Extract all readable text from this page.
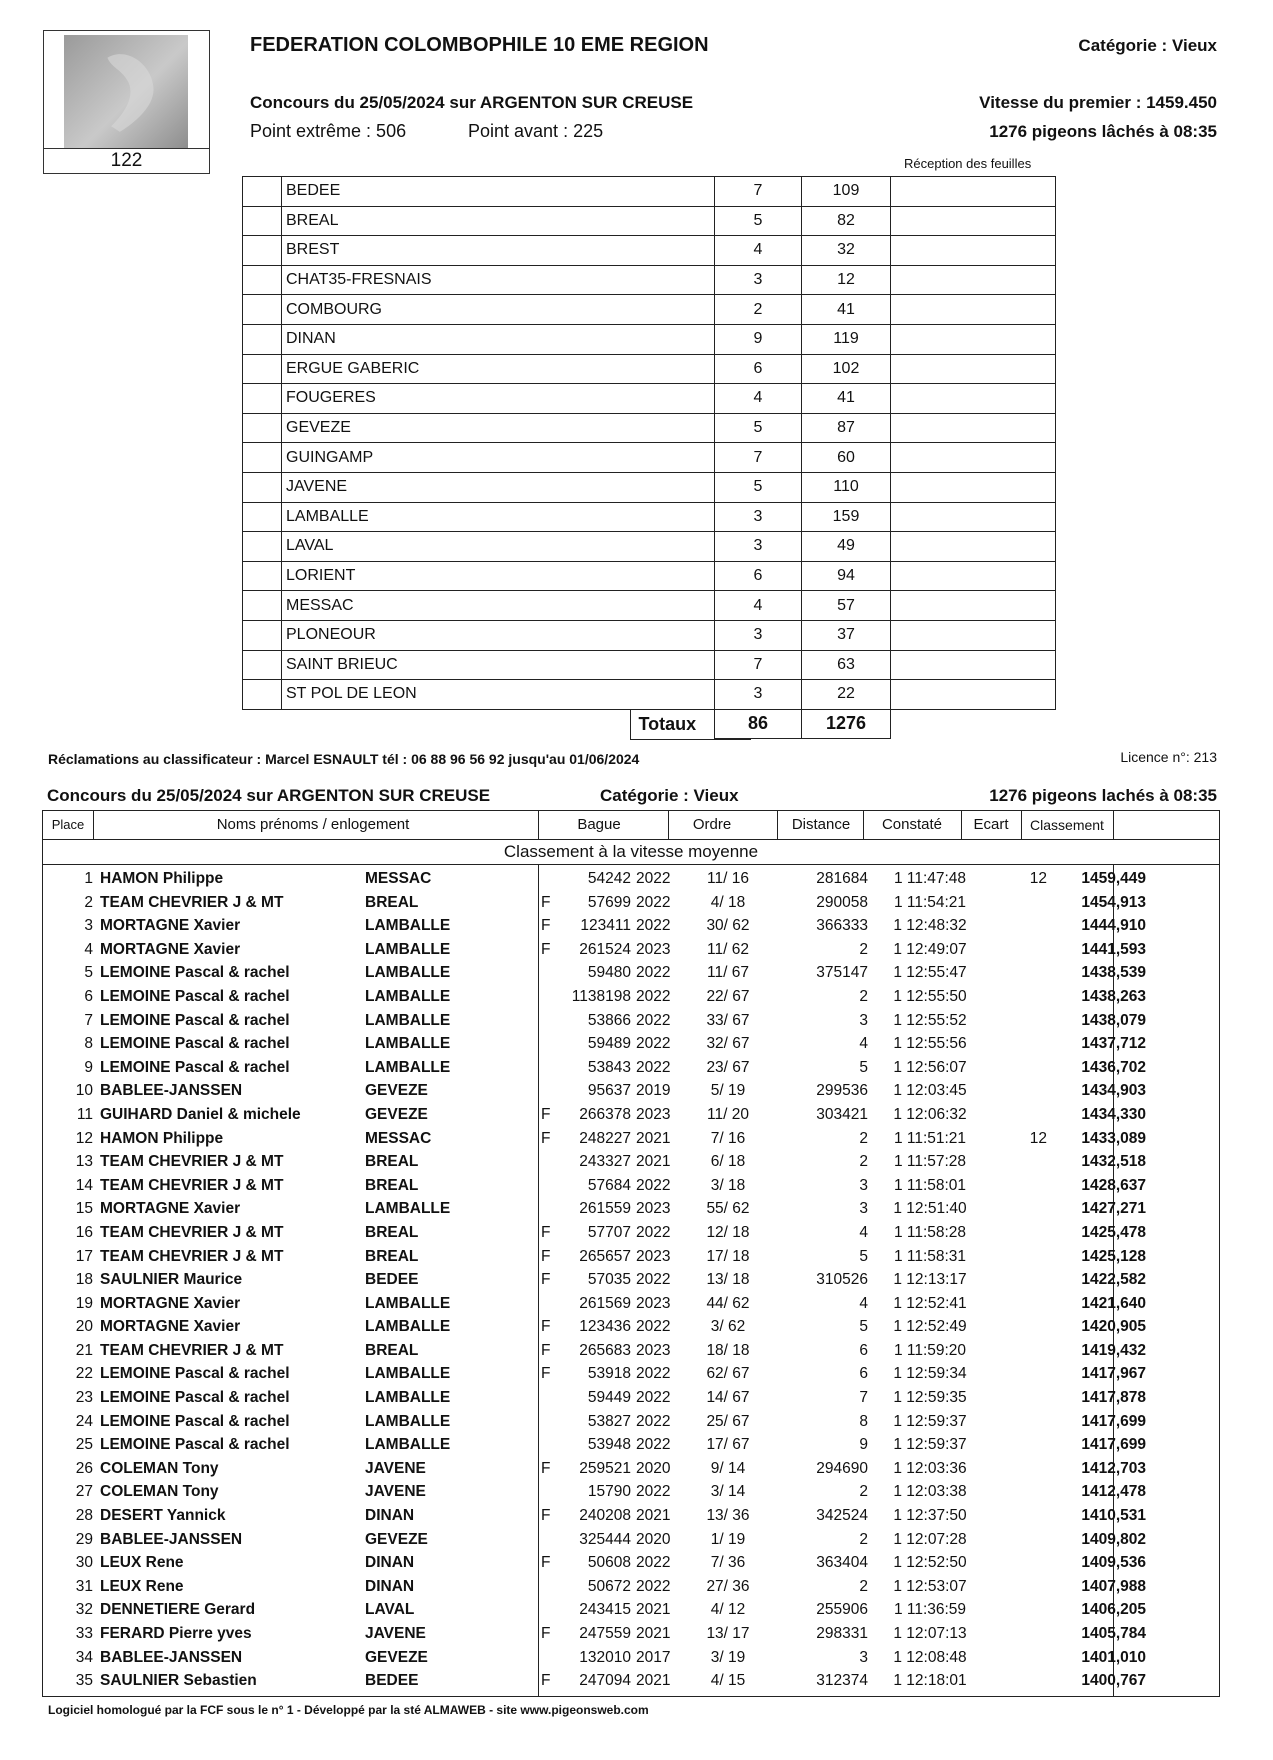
122
FEDERATION COLOMBOPHILE 10 EME REGION	Catégorie : Vieux
Concours du 25/05/2024 sur ARGENTON SUR CREUSE	Vitesse du premier : 1459.450
Point extrême : 506	Point avant : 225	1276 pigeons lâchés à 08:35
Réception des feuilles
	BEDEE	7	109	
	BREAL	5	82	
	BREST	4	32	
	CHAT35-FRESNAIS	3	12	
	COMBOURG	2	41	
	DINAN	9	119	
	ERGUE GABERIC	6	102	
	FOUGERES	4	41	
	GEVEZE	5	87	
	GUINGAMP	7	60	
	JAVENE	5	110	
	LAMBALLE	3	159	
	LAVAL	3	49	
	LORIENT	6	94	
	MESSAC	4	57	
	PLONEOUR	3	37	
	SAINT BRIEUC	7	63	
	ST POL DE LEON	3	22	

	Totaux	86	1276	
Réclamations au classificateur : Marcel ESNAULT tél : 06 88 96 56 92 jusqu'au 01/06/2024	Licence n°: 213
Concours du 25/05/2024 sur ARGENTON SUR CREUSE	Catégorie : Vieux	1276 pigeons lachés à 08:35
Place	Noms prénoms / enlogement	Bague	Ordre	Distance	Constaté	Ecart	Classement
Classement à la vitesse moyenne
1 HAMON Philippe	MESSAC	54242 2022	11/ 16	281684	1 11:47:48	12	1459,449
2 TEAM CHEVRIER J & MT	BREAL	F	57699 2022	4/ 18	290058	1 11:54:21	1454,913
3 MORTAGNE Xavier	LAMBALLE	F	123411 2022	30/ 62	366333	1 12:48:32	1444,910
4 MORTAGNE Xavier	LAMBALLE	F	261524 2023	11/ 62	2	1 12:49:07	1441,593
5 LEMOINE Pascal & rachel	LAMBALLE	59480 2022	11/ 67	375147	1 12:55:47	1438,539
6 LEMOINE Pascal & rachel	LAMBALLE	1138198 2022	22/ 67	2	1 12:55:50	1438,263
7 LEMOINE Pascal & rachel	LAMBALLE	53866 2022	33/ 67	3	1 12:55:52	1438,079
8 LEMOINE Pascal & rachel	LAMBALLE	59489 2022	32/ 67	4	1 12:55:56	1437,712
9 LEMOINE Pascal & rachel	LAMBALLE	53843 2022	23/ 67	5	1 12:56:07	1436,702
10 BABLEE-JANSSEN	GEVEZE	95637 2019	5/ 19	299536	1 12:03:45	1434,903
11 GUIHARD Daniel & michele	GEVEZE	F	266378 2023	11/ 20	303421	1 12:06:32	1434,330
12 HAMON Philippe	MESSAC	F	248227 2021	7/ 16	2	1 11:51:21	12	1433,089
13 TEAM CHEVRIER J & MT	BREAL	243327 2021	6/ 18	2	1 11:57:28	1432,518
14 TEAM CHEVRIER J & MT	BREAL	57684 2022	3/ 18	3	1 11:58:01	1428,637
15 MORTAGNE Xavier	LAMBALLE	261559 2023	55/ 62	3	1 12:51:40	1427,271
16 TEAM CHEVRIER J & MT	BREAL	F	57707 2022	12/ 18	4	1 11:58:28	1425,478
17 TEAM CHEVRIER J & MT	BREAL	F	265657 2023	17/ 18	5	1 11:58:31	1425,128
18 SAULNIER Maurice	BEDEE	F	57035 2022	13/ 18	310526	1 12:13:17	1422,582
19 MORTAGNE Xavier	LAMBALLE	261569 2023	44/ 62	4	1 12:52:41	1421,640
20 MORTAGNE Xavier	LAMBALLE	F	123436 2022	3/ 62	5	1 12:52:49	1420,905
21 TEAM CHEVRIER J & MT	BREAL	F	265683 2023	18/ 18	6	1 11:59:20	1419,432
22 LEMOINE Pascal & rachel	LAMBALLE	F	53918 2022	62/ 67	6	1 12:59:34	1417,967
23 LEMOINE Pascal & rachel	LAMBALLE	59449 2022	14/ 67	7	1 12:59:35	1417,878
24 LEMOINE Pascal & rachel	LAMBALLE	53827 2022	25/ 67	8	1 12:59:37	1417,699
25 LEMOINE Pascal & rachel	LAMBALLE	53948 2022	17/ 67	9	1 12:59:37	1417,699
26 COLEMAN Tony	JAVENE	F	259521 2020	9/ 14	294690	1 12:03:36	1412,703
27 COLEMAN Tony	JAVENE	15790 2022	3/ 14	2	1 12:03:38	1412,478
28 DESERT Yannick	DINAN	F	240208 2021	13/ 36	342524	1 12:37:50	1410,531
29 BABLEE-JANSSEN	GEVEZE	325444 2020	1/ 19	2	1 12:07:28	1409,802
30 LEUX Rene	DINAN	F	50608 2022	7/ 36	363404	1 12:52:50	1409,536
31 LEUX Rene	DINAN	50672 2022	27/ 36	2	1 12:53:07	1407,988
32 DENNETIERE Gerard	LAVAL	243415 2021	4/ 12	255906	1 11:36:59	1406,205
33 FERARD Pierre yves	JAVENE	F	247559 2021	13/ 17	298331	1 12:07:13	1405,784
34 BABLEE-JANSSEN	GEVEZE	132010 2017	3/ 19	3	1 12:08:48	1401,010
35 SAULNIER Sebastien	BEDEE	F	247094 2021	4/ 15	312374	1 12:18:01	1400,767
Logiciel homologué par la FCF sous le n° 1 - Développé par la sté ALMAWEB - site www.pigeonsweb.com
